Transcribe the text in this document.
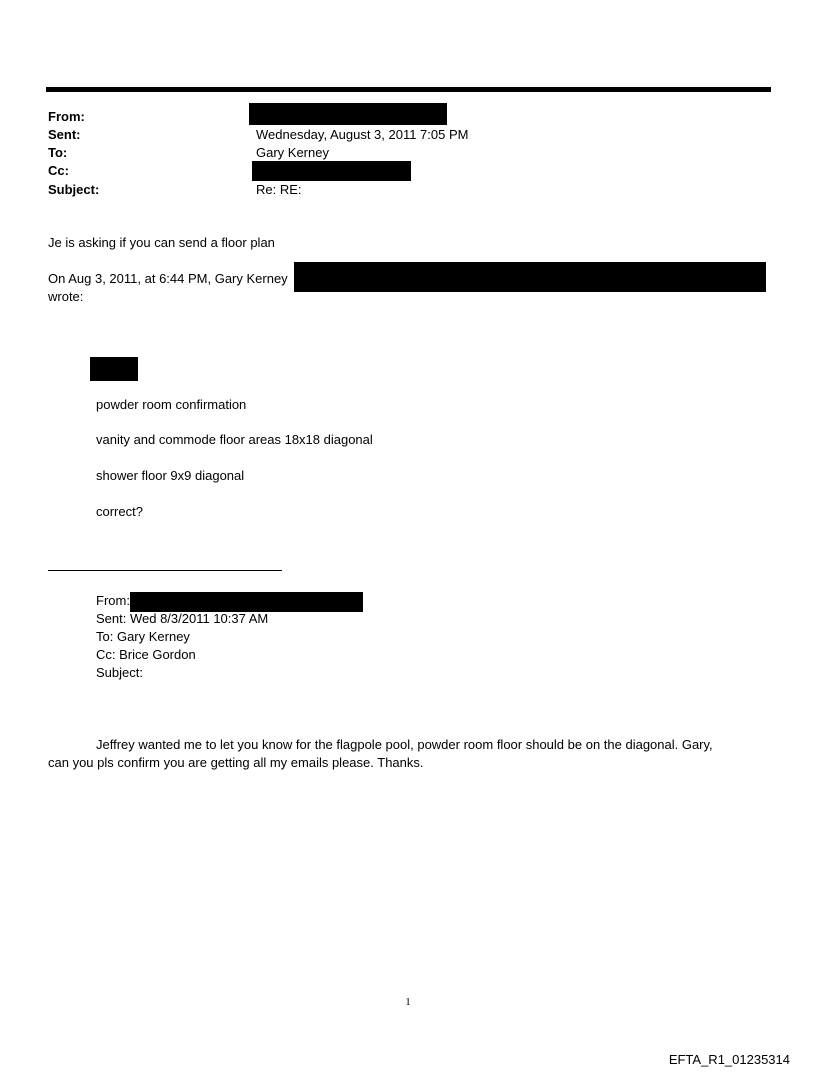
From:
Sent:	Wednesday, August 3, 2011 7:05 PM
To:	Gary Kerney
Cc:
Subject:	Re: RE:
Je is asking if you can send a floor plan
On Aug 3, 2011, at 6:44 PM, Gary Kerney
wrote:
powder room confirmation
vanity and commode floor areas 18x18 diagonal
shower floor 9x9 diagonal
correct?
From:
Sent: Wed 8/3/2011 10:37 AM
To: Gary Kerney
Cc: Brice Gordon
Subject:
Jeffrey wanted me to let you know for the flagpole pool, powder room floor should be on the diagonal. Gary,
can you pls confirm you are getting all my emails please. Thanks.
1
EFTA_R1_01235314
